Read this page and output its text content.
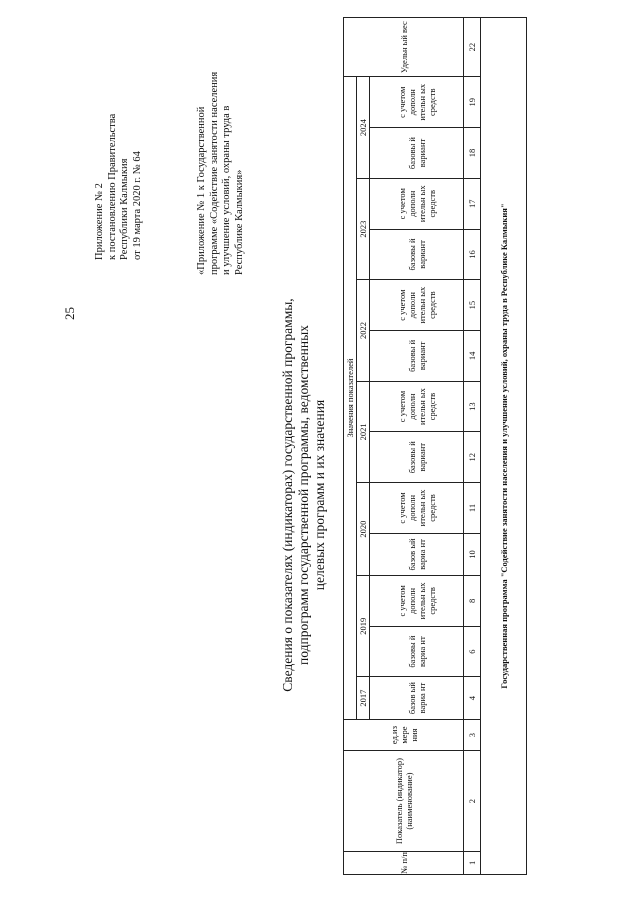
25
Приложение № 2 к постановлению Правительства Республики Калмыкия от 19 марта 2020 г. № 64	«Приложение № 1 к Государственной программе «Содействие занятости населения и улучшение условий, охраны труда в Республике Калмыкия»
Сведения о показателях (индикаторах) государственной программы, подпрограмм государственной программы, ведомственных целевых программ и их значения
№ п/п	Показатель (индикатор) (наименование)	ед.из мере ния	Значения показателей													Удельн ый вес
			2017	2019		2020		2021		2022		2023		2024		
			базов ый вариа нт	базовы й вариа нт	с учетом дополн ительн ых средств	базов ый вариа нт	с учетом дополн ительн ых средств	базовы й вариант	с учетом дополн ительн ых средств	базовы й вариант	с учетом дополн ительн ых средств	базовы й вариант	с учетом дополн ительн ых средств	базовы й вариант	с учетом дополн ительн ых средств	
1	2	3	4	6	8	10	11	12	13	14	15	16	17	18	19	22
Государственная программа "Содействие занятости населения и улучшение условий, охраны труда в Республике Калмыкия"																
